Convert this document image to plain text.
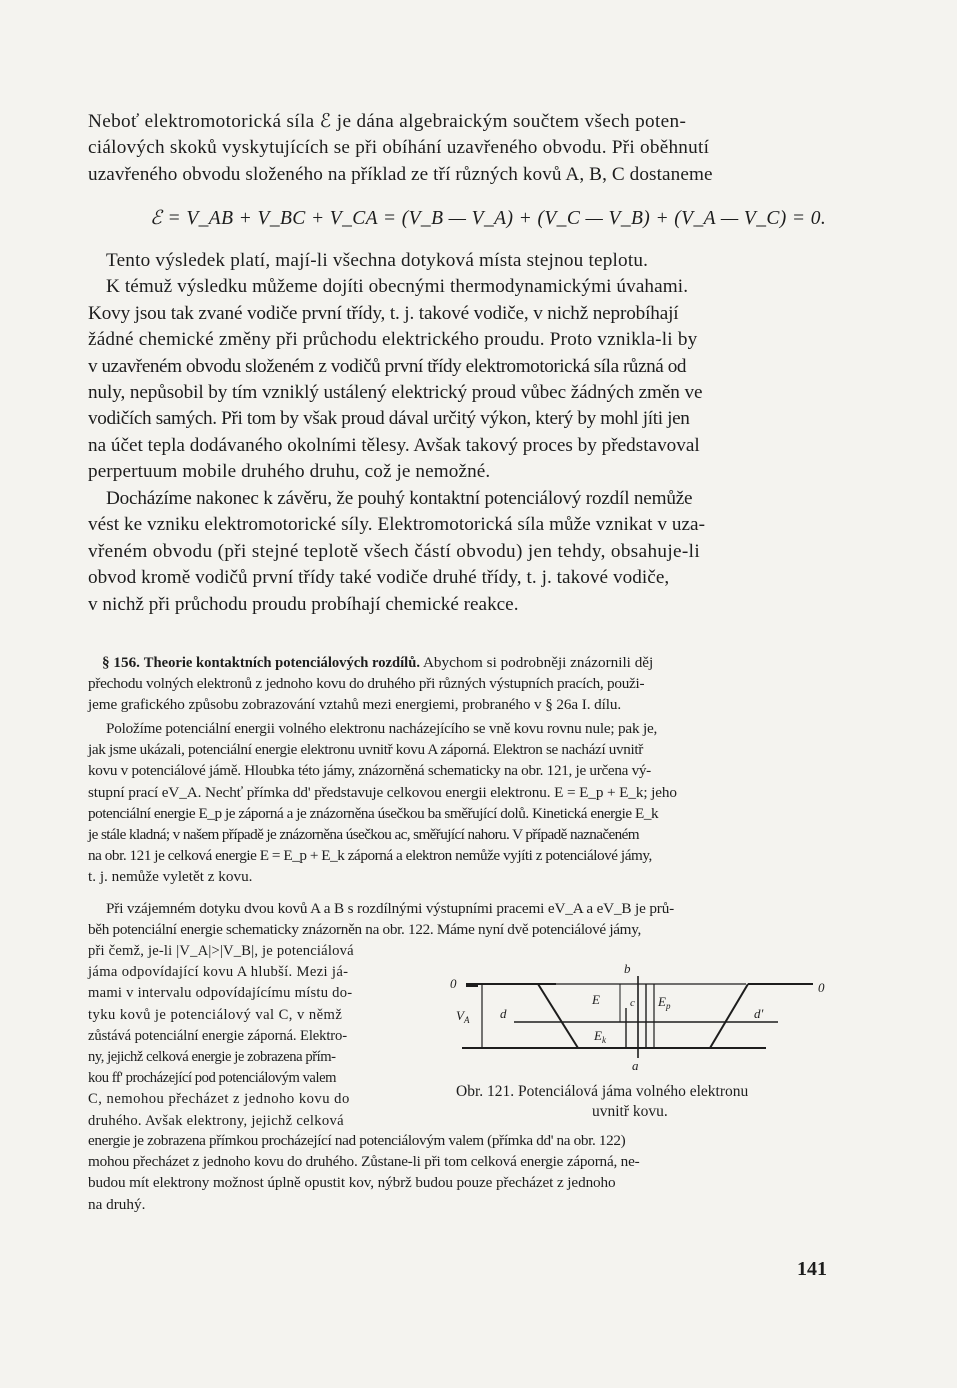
Neboť elektromotorická síla ℰ je dána algebraickým součtem všech poten-
ciálových skoků vyskytujících se při obíhání uzavřeného obvodu. Při oběhnutí
uzavřeného obvodu složeného na příklad ze tří různých kovů A, B, C dostaneme

ℰ = V_AB + V_BC + V_CA = (V_B — V_A) + (V_C — V_B) + (V_A — V_C) = 0.

Tento výsledek platí, mají-li všechna dotyková místa stejnou teplotu.
K témuž výsledku můžeme dojíti obecnými thermodynamickými úvahami.
Kovy jsou tak zvané vodiče první třídy, t. j. takové vodiče, v nichž neprobíhají
žádné chemické změny při průchodu elektrického proudu. Proto vznikla-li by
v uzavřeném obvodu složeném z vodičů první třídy elektromotorická síla různá od
nuly, nepůsobil by tím vzniklý ustálený elektrický proud vůbec žádných změn ve
vodičích samých. Při tom by však proud dával určitý výkon, který by mohl jíti jen
na účet tepla dodávaného okolními tělesy. Avšak takový proces by představoval
perpertuum mobile druhého druhu, což je nemožné.

Docházíme nakonec k závěru, že pouhý kontaktní potenciálový rozdíl nemůže
vést ke vzniku elektromotorické síly. Elektromotorická síla může vznikat v uza-
vřeném obvodu (při stejné teplotě všech částí obvodu) jen tehdy, obsahuje-li
obvod kromě vodičů první třídy také vodiče druhé třídy, t. j. takové vodiče,
v nichž při průchodu proudu probíhají chemické reakce.

§ 156. Theorie kontaktních potenciálových rozdílů. Abychom si podrobněji znázornili děj
přechodu volných elektronů z jednoho kovu do druhého při různých výstupních pracích, použi-
jeme grafického způsobu zobrazování vztahů mezi energiemi, probraného v § 26a I. dílu.
Položíme potenciální energii volného elektronu nacházejícího se vně kovu rovnu nule; pak je,
jak jsme ukázali, potenciální energie elektronu uvnitř kovu A záporná. Elektron se nachází uvnitř
kovu v potenciálové jámě. Hloubka této jámy, znázorněná schematicky na obr. 121, je určena vý-
stupní prací eV_A. Nechť přímka dd' představuje celkovou energii elektronu. E = E_p + E_k; jeho
potenciální energie E_p je záporná a je znázorněna úsečkou ba směřující dolů. Kinetická energie E_k
je stále kladná; v našem případě je znázorněna úsečkou ac, směřující nahoru. V případě naznačeném
na obr. 121 je celková energie E = E_p + E_k záporná a elektron nemůže vyjíti z potenciálové jámy,
t. j. nemůže vyletět z kovu.
Při vzájemném dotyku dvou kovů A a B s rozdílnými výstupními pracemi eV_A a eV_B je prů-
běh potenciální energie schematicky znázorněn na obr. 122. Máme nyní dvě potenciálové jámy,
při čemž, je-li |V_A|>|V_B|, je potenciálová
jáma odpovídající kovu A hlubší. Mezi já-
mami v intervalu odpovídajícímu místu do-
tyku kovů je potenciálový val C, v němž
zůstává potenciální energie záporná. Elektro-
ny, jejichž celková energie je zobrazena přím-
kou ff' procházející pod potenciálovým valem
C, nemohou přecházet z jednoho kovu do
druhého. Avšak elektrony, jejichž celková
0	0
b
a
c
d	d'
$V_A$
E	$E_p$
$E_k$
Obr. 121. Potenciálová jáma volného elektronu
uvnitř kovu.
energie je zobrazena přímkou procházející nad potenciálovým valem (přímka dd' na obr. 122)
mohou přecházet z jednoho kovu do druhého. Zůstane-li při tom celková energie záporná, ne-
budou mít elektrony možnost úplně opustit kov, nýbrž budou pouze přecházet z jednoho
na druhý.
141
